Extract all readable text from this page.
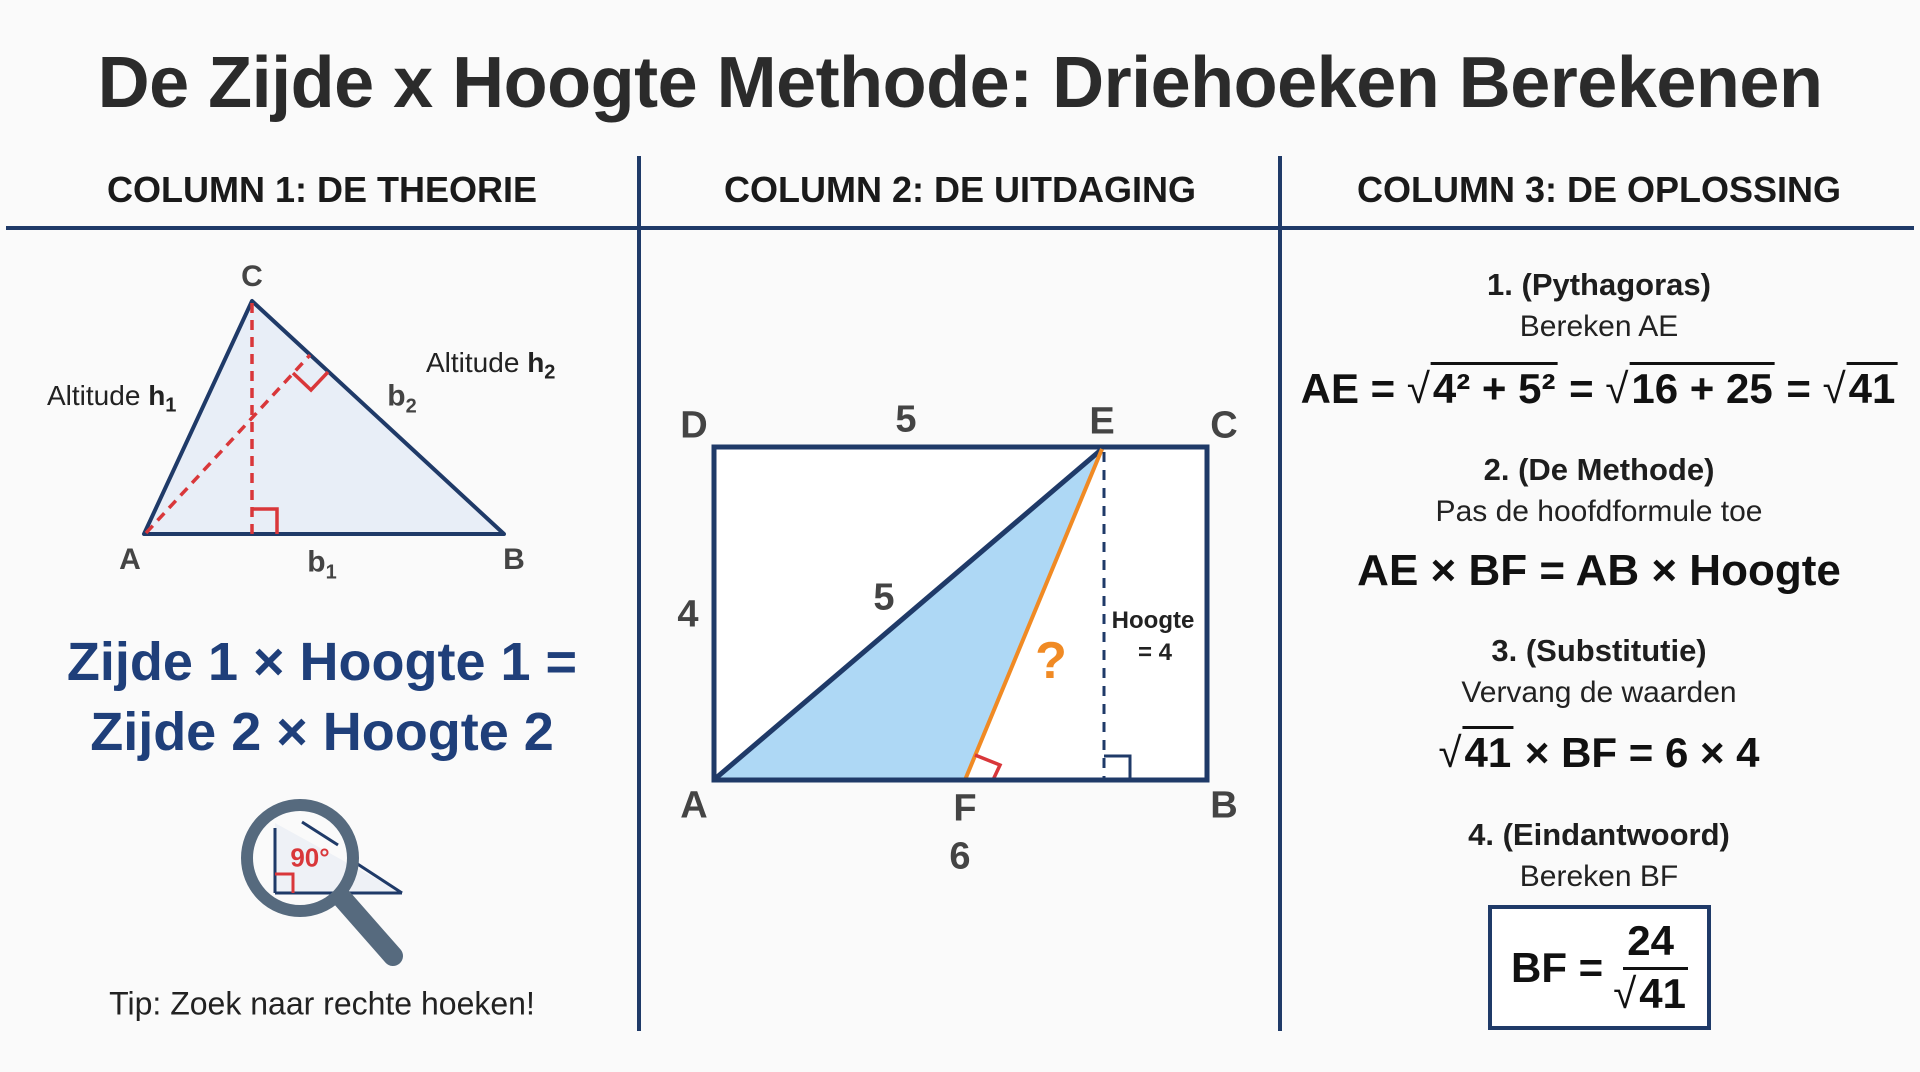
De Zijde x Hoogte Methode: Driehoeken Berekenen
COLUMN 1: DE THEORIE	COLUMN 2: DE UITDAGING	COLUMN 3: DE OPLOSSING
C
A	B
$b_1$
$b_2$
Altitude $h_1$
Altitude $h_2$
Zijde 1 × Hoogte 1 =
Zijde 2 × Hoogte 2
90°
Tip: Zoek naar rechte hoeken!
D	5	E	C
4	5
?
Hoogte
= 4
A	F	B
6
1. (Pythagoras)
Bereken AE
AE = √4² + 5² = √16 + 25 = √41
2. (De Methode)
Pas de hoofdformule toe
AE × BF = AB × Hoogte
3. (Substitutie)
Vervang de waarden
√41 × BF = 6 × 4
4. (Eindantwoord)
Bereken BF
BF = $\frac{24}{√41}$
